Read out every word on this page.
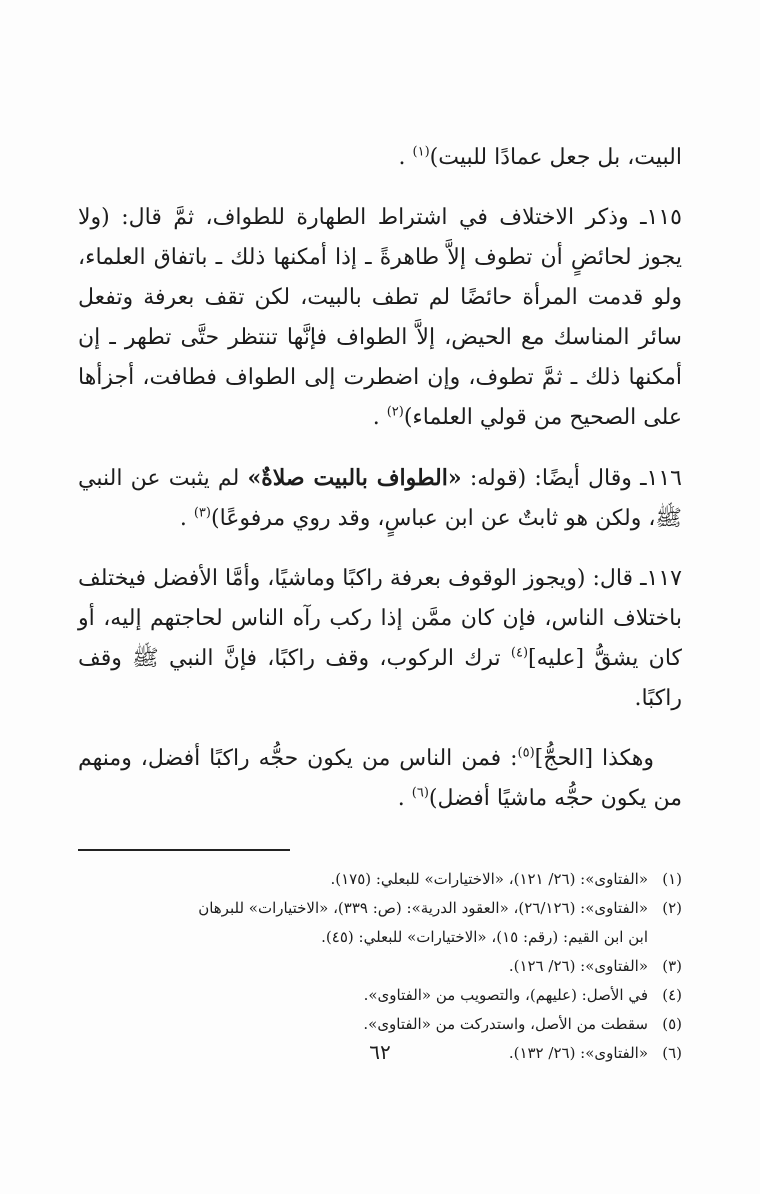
البيت، بل جعل عمادًا للبيت)$^{(١)}$ .

١١٥ـ وذكر الاختلاف في اشتراط الطهارة للطواف، ثمَّ قال: (ولا يجوز لحائضٍ أن تطوف إلاَّ طاهرةً ـ إذا أمكنها ذلك ـ باتفاق العلماء، ولو قدمت المرأة حائضًا لم تطف بالبيت، لكن تقف بعرفة وتفعل سائر المناسك مع الحيض، إلاَّ الطواف فإنَّها تنتظر حتَّى تطهر ـ إن أمكنها ذلك ـ ثمَّ تطوف، وإن اضطرت إلى الطواف فطافت، أجزأها على الصحيح من قولي العلماء)$^{(٢)}$ .

١١٦ـ وقال أيضًا: (قوله: «الطواف بالبيت صلاةٌ» لم يثبت عن النبي ﷺ، ولكن هو ثابتٌ عن ابن عباسٍ، وقد روي مرفوعًا)$^{(٣)}$ .

١١٧ـ قال: (ويجوز الوقوف بعرفة راكبًا وماشيًا، وأمَّا الأفضل فيختلف باختلاف الناس، فإن كان ممَّن إذا ركب رآه الناس لحاجتهم إليه، أو كان يشقُّ [عليه]$^{(٤)}$ ترك الركوب، وقف راكبًا، فإنَّ النبي ﷺ وقف راكبًا.

وهكذا [الحجُّ]$^{(٥)}$: فمن الناس من يكون حجُّه راكبًا أفضل، ومنهم من يكون حجُّه ماشيًا أفضل)$^{(٦)}$ .

(١)
«الفتاوى»: (٢٦/ ١٢١)، «الاختيارات» للبعلي: (١٧٥).
(٢)
«الفتاوى»: (٢٦/١٢٦)، «العقود الدرية»: (ص: ٣٣٩)، «الاختيارات» للبرهان
ابن ابن القيم: (رقم: ١٥)، «الاختيارات» للبعلي: (٤٥).
(٣)
«الفتاوى»: (٢٦/ ١٢٦).
(٤)
في الأصل: (عليهم)، والتصويب من «الفتاوى».
(٥)
سقطت من الأصل، واستدركت من «الفتاوى».
(٦)
«الفتاوى»: (٢٦/ ١٣٢).
٦٢
